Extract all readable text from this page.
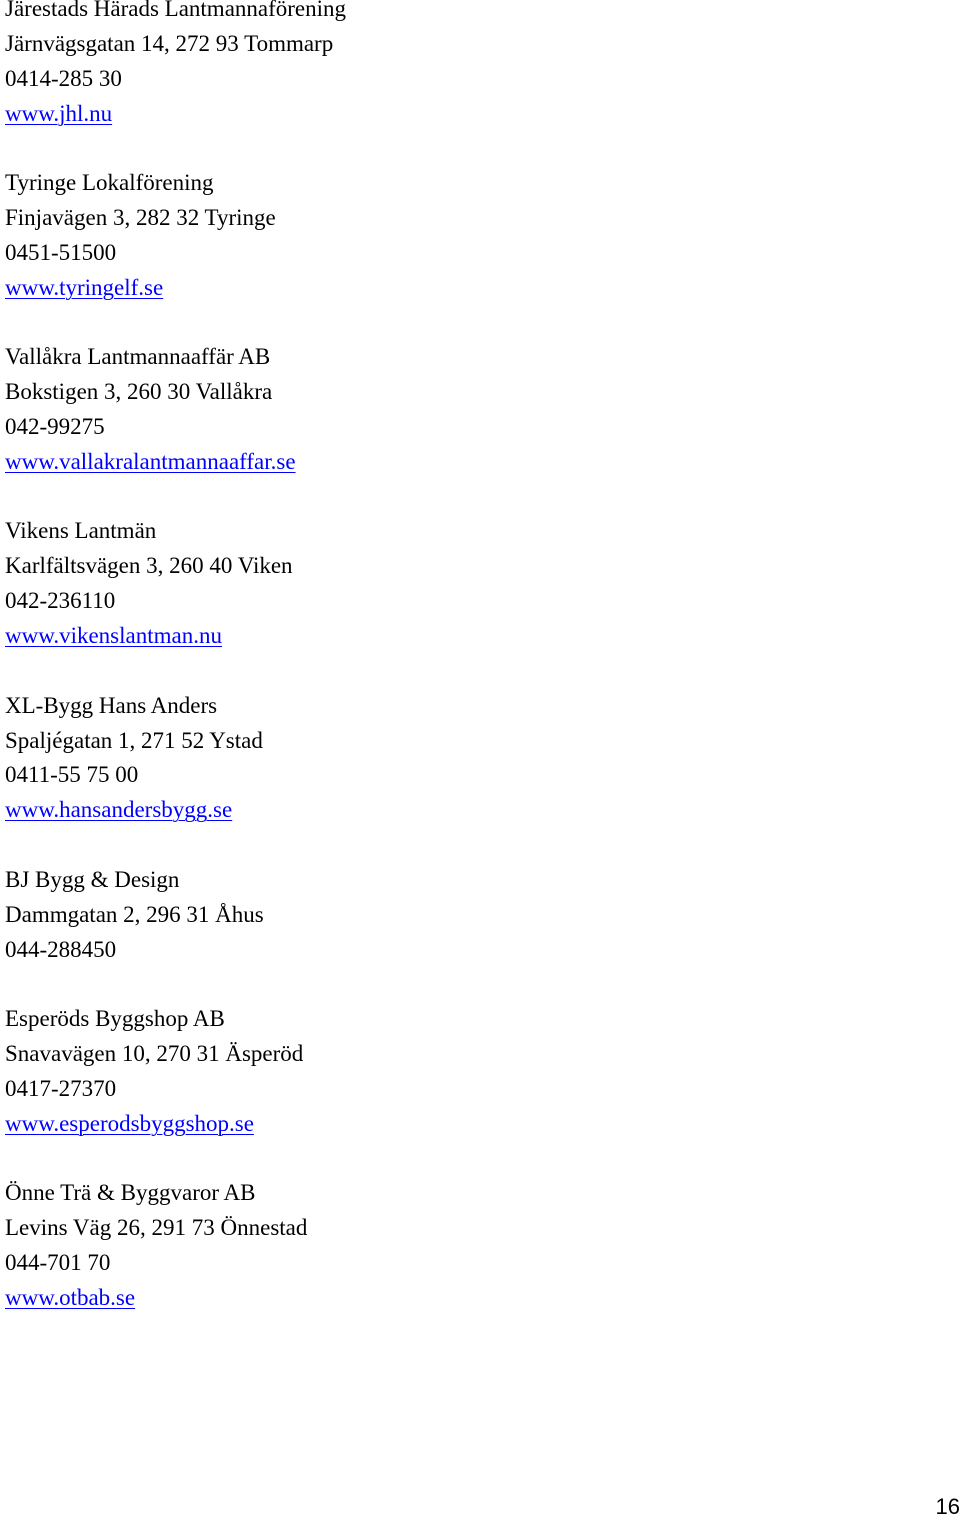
Järestads Härads Lantmannaförening
Järnvägsgatan 14, 272 93 Tommarp
0414-285 30
www.jhl.nu
Tyringe Lokalförening
Finjavägen 3, 282 32 Tyringe
0451-51500
www.tyringelf.se
Vallåkra Lantmannaaffär AB
Bokstigen 3, 260 30 Vallåkra
042-99275
www.vallakralantmannaaffar.se
Vikens Lantmän
Karlfältsvägen 3, 260 40 Viken
042-236110
www.vikenslantman.nu
XL-Bygg Hans Anders
Spaljégatan 1, 271 52 Ystad
0411-55 75 00
www.hansandersbygg.se
BJ Bygg & Design
Dammgatan 2, 296 31 Åhus
044-288450
Esperöds Byggshop AB
Snavavägen 10, 270 31 Äsperöd
0417-27370
www.esperodsbyggshop.se
Önne Trä & Byggvaror AB
Levins Väg 26, 291 73 Önnestad
044-701 70
www.otbab.se
16
